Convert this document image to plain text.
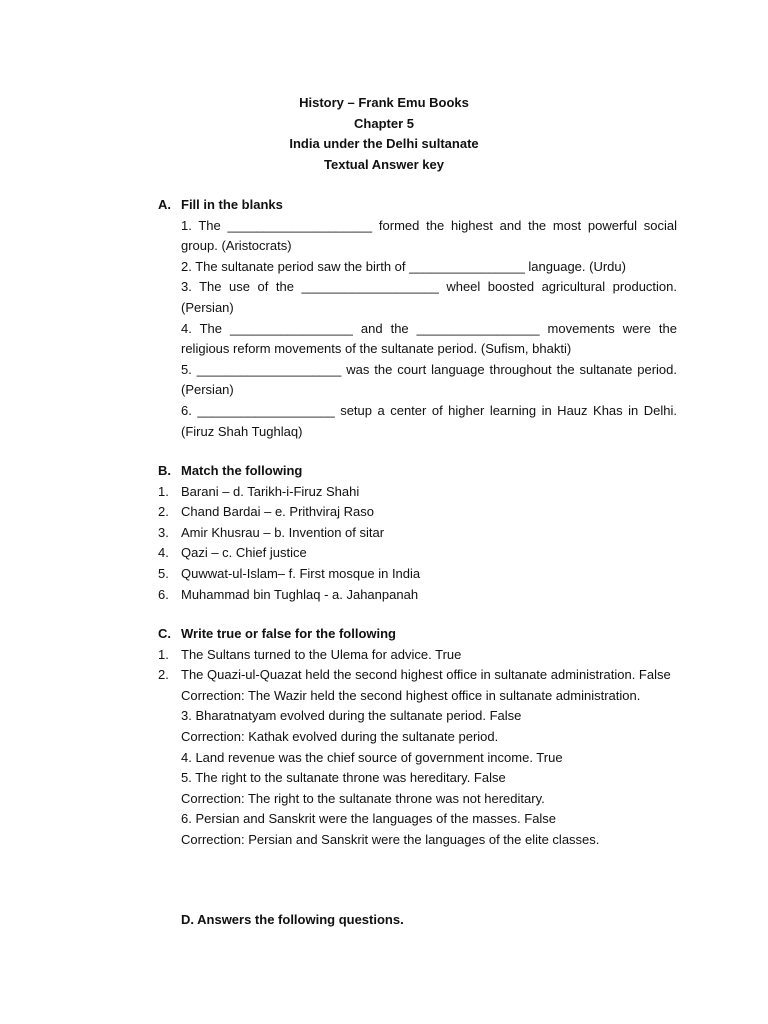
History – Frank Emu Books
Chapter 5
India under the Delhi sultanate
Textual Answer key
A. Fill in the blanks
1. The ____________________ formed the highest and the most powerful social group. (Aristocrats)
2. The sultanate period saw the birth of ________________ language. (Urdu)
3. The use of the ___________________ wheel boosted agricultural production. (Persian)
4. The _________________ and the _________________ movements were the religious reform movements of the sultanate period. (Sufism, bhakti)
5. ____________________ was the court language throughout the sultanate period. (Persian)
6. ___________________ setup a center of higher learning in Hauz Khas in Delhi. (Firuz Shah Tughlaq)
B. Match the following
1. Barani – d. Tarikh-i-Firuz Shahi
2. Chand Bardai – e. Prithviraj Raso
3. Amir Khusrau – b. Invention of sitar
4. Qazi – c. Chief justice
5. Quwwat-ul-Islam– f. First mosque in India
6. Muhammad bin Tughlaq - a. Jahanpanah
C. Write true or false for the following
1. The Sultans turned to the Ulema for advice. True
2. The Quazi-ul-Quazat held the second highest office in sultanate administration. False
Correction: The Wazir held the second highest office in sultanate administration.
3. Bharatnatyam evolved during the sultanate period. False
Correction: Kathak evolved during the sultanate period.
4. Land revenue was the chief source of government income. True
5. The right to the sultanate throne was hereditary. False
Correction: The right to the sultanate throne was not hereditary.
6. Persian and Sanskrit were the languages of the masses. False
Correction: Persian and Sanskrit were the languages of the elite classes.
D. Answers the following questions.
